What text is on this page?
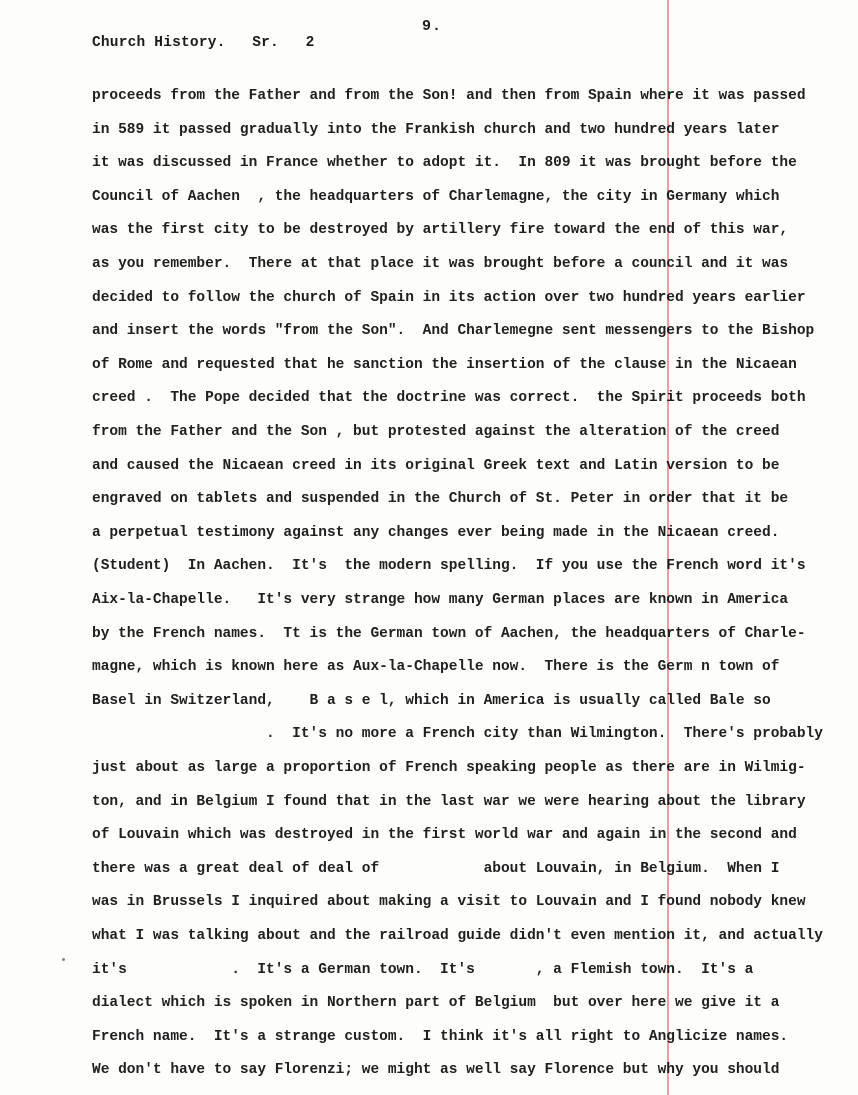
9.
Church History.   Sr.   2
proceeds from the Father and from the Son! and then from Spain where it was passed
in 589 it passed gradually into the Frankish church and two hundred years later
it was discussed in France whether to adopt it.  In 809 it was brought before the
Council of Aachen  , the headquarters of Charlemagne, the city in Germany which
was the first city to be destroyed by artillery fire toward the end of this war,
as you remember.  There at that place it was brought before a council and it was
decided to follow the church of Spain in its action over two hundred years earlier
and insert the words "from the Son".  And Charlemegne sent messengers to the Bishop
of Rome and requested that he sanction the insertion of the clause in the Nicaean
creed .  The Pope decided that the doctrine was correct.  the Spirit proceeds both
from the Father and the Son , but protested against the alteration of the creed
and caused the Nicaean creed in its original Greek text and Latin version to be
engraved on tablets and suspended in the Church of St. Peter in order that it be
a perpetual testimony against any changes ever being made in the Nicaean creed.
(Student)  In Aachen.  It's  the modern spelling.  If you use the French word it's
Aix-la-Chapelle.   It's very strange how many German places are known in America
by the French names.  Tt is the German town of Aachen, the headquarters of Charle-
magne, which is known here as Aux-la-Chapelle now.  There is the Germ n town of
Basel in Switzerland,    B a s e l, which in America is usually called Bale so
.  It's no more a French city than Wilmington.  There's probably
just about as large a proportion of French speaking people as there are in Wilmig-
ton, and in Belgium I found that in the last war we were hearing about the library
of Louvain which was destroyed in the first world war and again in the second and
there was a great deal of deal of            about Louvain, in Belgium.  When I
was in Brussels I inquired about making a visit to Louvain and I found nobody knew
what I was talking about and the railroad guide didn't even mention it, and actually
it's            .  It's a German town.  It's       , a Flemish town.  It's a
dialect which is spoken in Northern part of Belgium  but over here we give it a
French name.  It's a strange custom.  I think it's all right to Anglicize names.
We don't have to say Florenzi; we might as well say Florence but why you should
